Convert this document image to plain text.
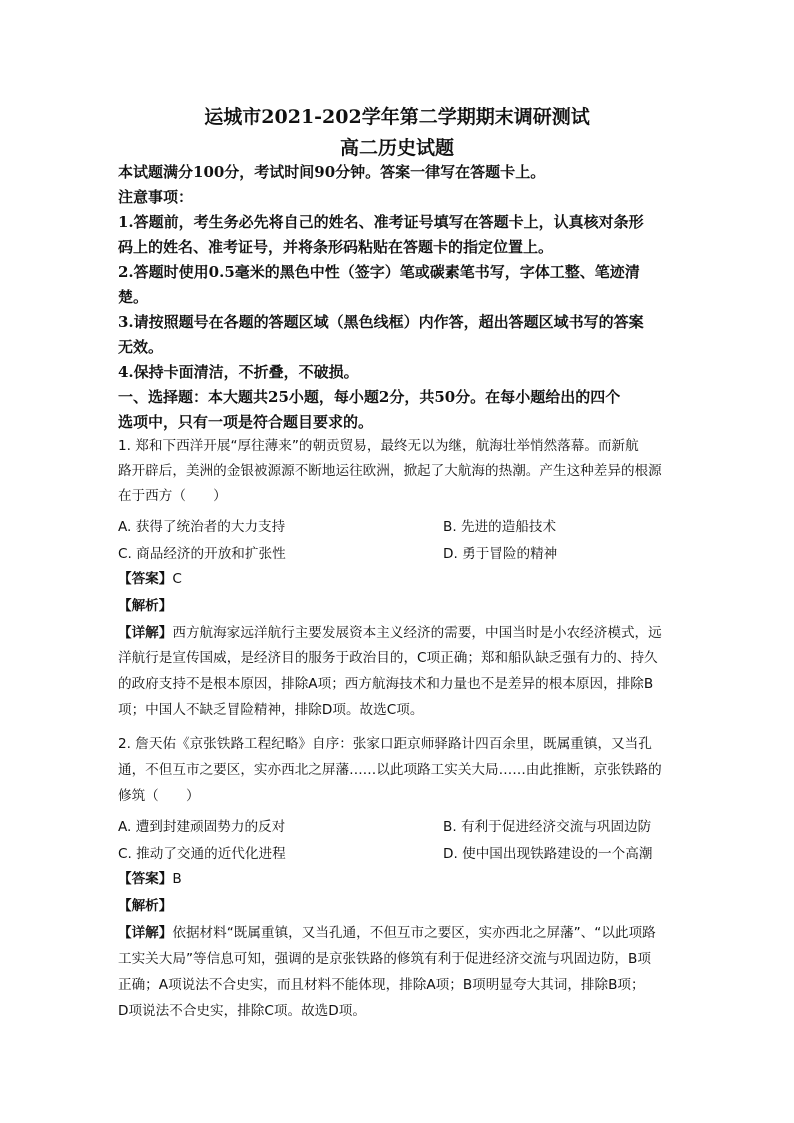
运城市2021-202学年第二学期期末调研测试
高二历史试题
本试题满分100分，考试时间90分钟。答案一律写在答题卡上。
注意事项：
1.答题前，考生务必先将自己的姓名、准考证号填写在答题卡上，认真核对条形
码上的姓名、准考证号，并将条形码粘贴在答题卡的指定位置上。
2.答题时使用0.5毫米的黑色中性（签字）笔或碳素笔书写，字体工整、笔迹清
楚。
3.请按照题号在各题的答题区域（黑色线框）内作答，超出答题区域书写的答案
无效。
4.保持卡面清洁，不折叠，不破损。
一、选择题：本大题共25小题，每小题2分，共50分。在每小题给出的四个
选项中，只有一项是符合题目要求的。
1. 郑和下西洋开展“厚往薄来”的朝贡贸易，最终无以为继，航海壮举悄然落幕。而新航
路开辟后，美洲的金银被源源不断地运往欧洲，掀起了大航海的热潮。产生这种差异的根源
在于西方（　　）
A. 获得了统治者的大力支持	B. 先进的造船技术
C. 商品经济的开放和扩张性	D. 勇于冒险的精神
【答案】C
【解析】
【详解】西方航海家远洋航行主要发展资本主义经济的需要，中国当时是小农经济模式，远
洋航行是宣传国威，是经济目的服务于政治目的，C项正确；郑和船队缺乏强有力的、持久
的政府支持不是根本原因，排除A项；西方航海技术和力量也不是差异的根本原因，排除B
项；中国人不缺乏冒险精神，排除D项。故选C项。
2. 詹天佑《京张铁路工程纪略》自序：张家口距京师驿路计四百余里，既属重镇，又当孔
通，不但互市之要区，实亦西北之屏藩……以此项路工实关大局……由此推断，京张铁路的
修筑（　　）
A. 遭到封建顽固势力的反对	B. 有利于促进经济交流与巩固边防
C. 推动了交通的近代化进程	D. 使中国出现铁路建设的一个高潮
【答案】B
【解析】
【详解】依据材料“既属重镇，又当孔通，不但互市之要区，实亦西北之屏藩”、“以此项路
工实关大局”等信息可知，强调的是京张铁路的修筑有利于促进经济交流与巩固边防，B项
正确；A项说法不合史实，而且材料不能体现，排除A项；B项明显夸大其词，排除B项；
D项说法不合史实，排除C项。故选D项。
